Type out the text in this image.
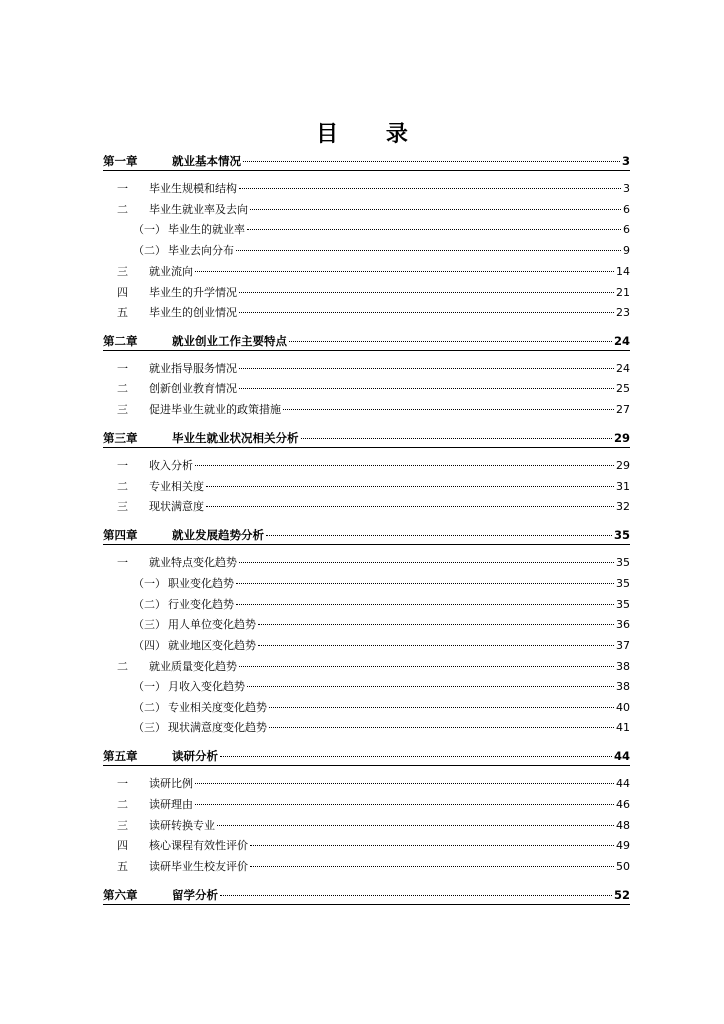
目 录
第一章	就业基本情况	3
一	毕业生规模和结构	3
二	毕业生就业率及去向	6
（一） 毕业生的就业率	6
（二） 毕业去向分布	9
三	就业流向	14
四	毕业生的升学情况	21
五	毕业生的创业情况	23
第二章	就业创业工作主要特点	24
一	就业指导服务情况	24
二	创新创业教育情况	25
三	促进毕业生就业的政策措施	27
第三章	毕业生就业状况相关分析	29
一	收入分析	29
二	专业相关度	31
三	现状满意度	32
第四章	就业发展趋势分析	35
一	就业特点变化趋势	35
（一） 职业变化趋势	35
（二） 行业变化趋势	35
（三） 用人单位变化趋势	36
（四） 就业地区变化趋势	37
二	就业质量变化趋势	38
（一） 月收入变化趋势	38
（二） 专业相关度变化趋势	40
（三） 现状满意度变化趋势	41
第五章	读研分析	44
一	读研比例	44
二	读研理由	46
三	读研转换专业	48
四	核心课程有效性评价	49
五	读研毕业生校友评价	50
第六章	留学分析	52
